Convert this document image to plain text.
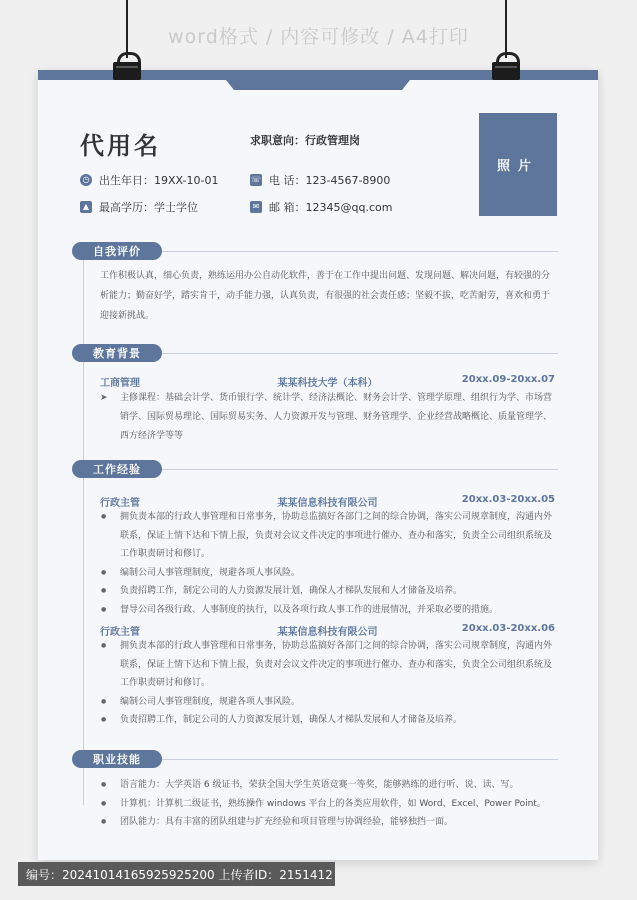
word格式 / 内容可修改 / A4打印
代用名	求职意向：行政管理岗
照片
◷ 出生年日：19XX-10-01	☏ 电 话：123-4567-8900
▲ 最高学历：学士学位	✉ 邮 箱：12345@qq.com
自我评价
工作积极认真，细心负责，熟练运用办公自动化软件，善于在工作中提出问题、发现问题、解决问题，有较强的分析能力；勤奋好学，踏实肯干，动手能力强，认真负责，有很强的社会责任感；坚毅不拔，吃苦耐劳，喜欢和勇于迎接新挑战。
教育背景
工商管理	某某科技大学（本科）	20xx.09-20xx.07
➤	主修课程：基础会计学、货币银行学、统计学、经济法概论、财务会计学、管理学原理、组织行为学、市场营销学、国际贸易理论、国际贸易实务、人力资源开发与管理、财务管理学、企业经营战略概论、质量管理学、西方经济学等等
工作经验
行政主管	某某信息科技有限公司	20xx.03-20xx.05
● 拥负责本部的行政人事管理和日常事务，协助总监搞好各部门之间的综合协调，落实公司规章制度，沟通内外联系，保证上情下达和下情上报，负责对会议文件决定的事项进行催办、查办和落实，负责全公司组织系统及工作职责研讨和修订。
● 编制公司人事管理制度，规避各项人事风险。
● 负责招聘工作，制定公司的人力资源发展计划，确保人才梯队发展和人才储备及培养。
● 督导公司各级行政、人事制度的执行，以及各项行政人事工作的进展情况，并采取必要的措施。
行政主管	某某信息科技有限公司	20xx.03-20xx.06
● 拥负责本部的行政人事管理和日常事务，协助总监搞好各部门之间的综合协调，落实公司规章制度，沟通内外联系，保证上情下达和下情上报，负责对会议文件决定的事项进行催办、查办和落实，负责全公司组织系统及工作职责研讨和修订。
● 编制公司人事管理制度，规避各项人事风险。
● 负责招聘工作，制定公司的人力资源发展计划，确保人才梯队发展和人才储备及培养。
职业技能
● 语言能力：大学英语 6 级证书，荣获全国大学生英语竞赛一等奖，能够熟练的进行听、说、读、写。
● 计算机：计算机二级证书，熟练操作 windows 平台上的各类应用软件，如 Word、Excel、Power Point。
● 团队能力：具有丰富的团队组建与扩充经验和项目管理与协调经验，能够独挡一面。
编号：20241014165925925200 上传者ID：2151412
